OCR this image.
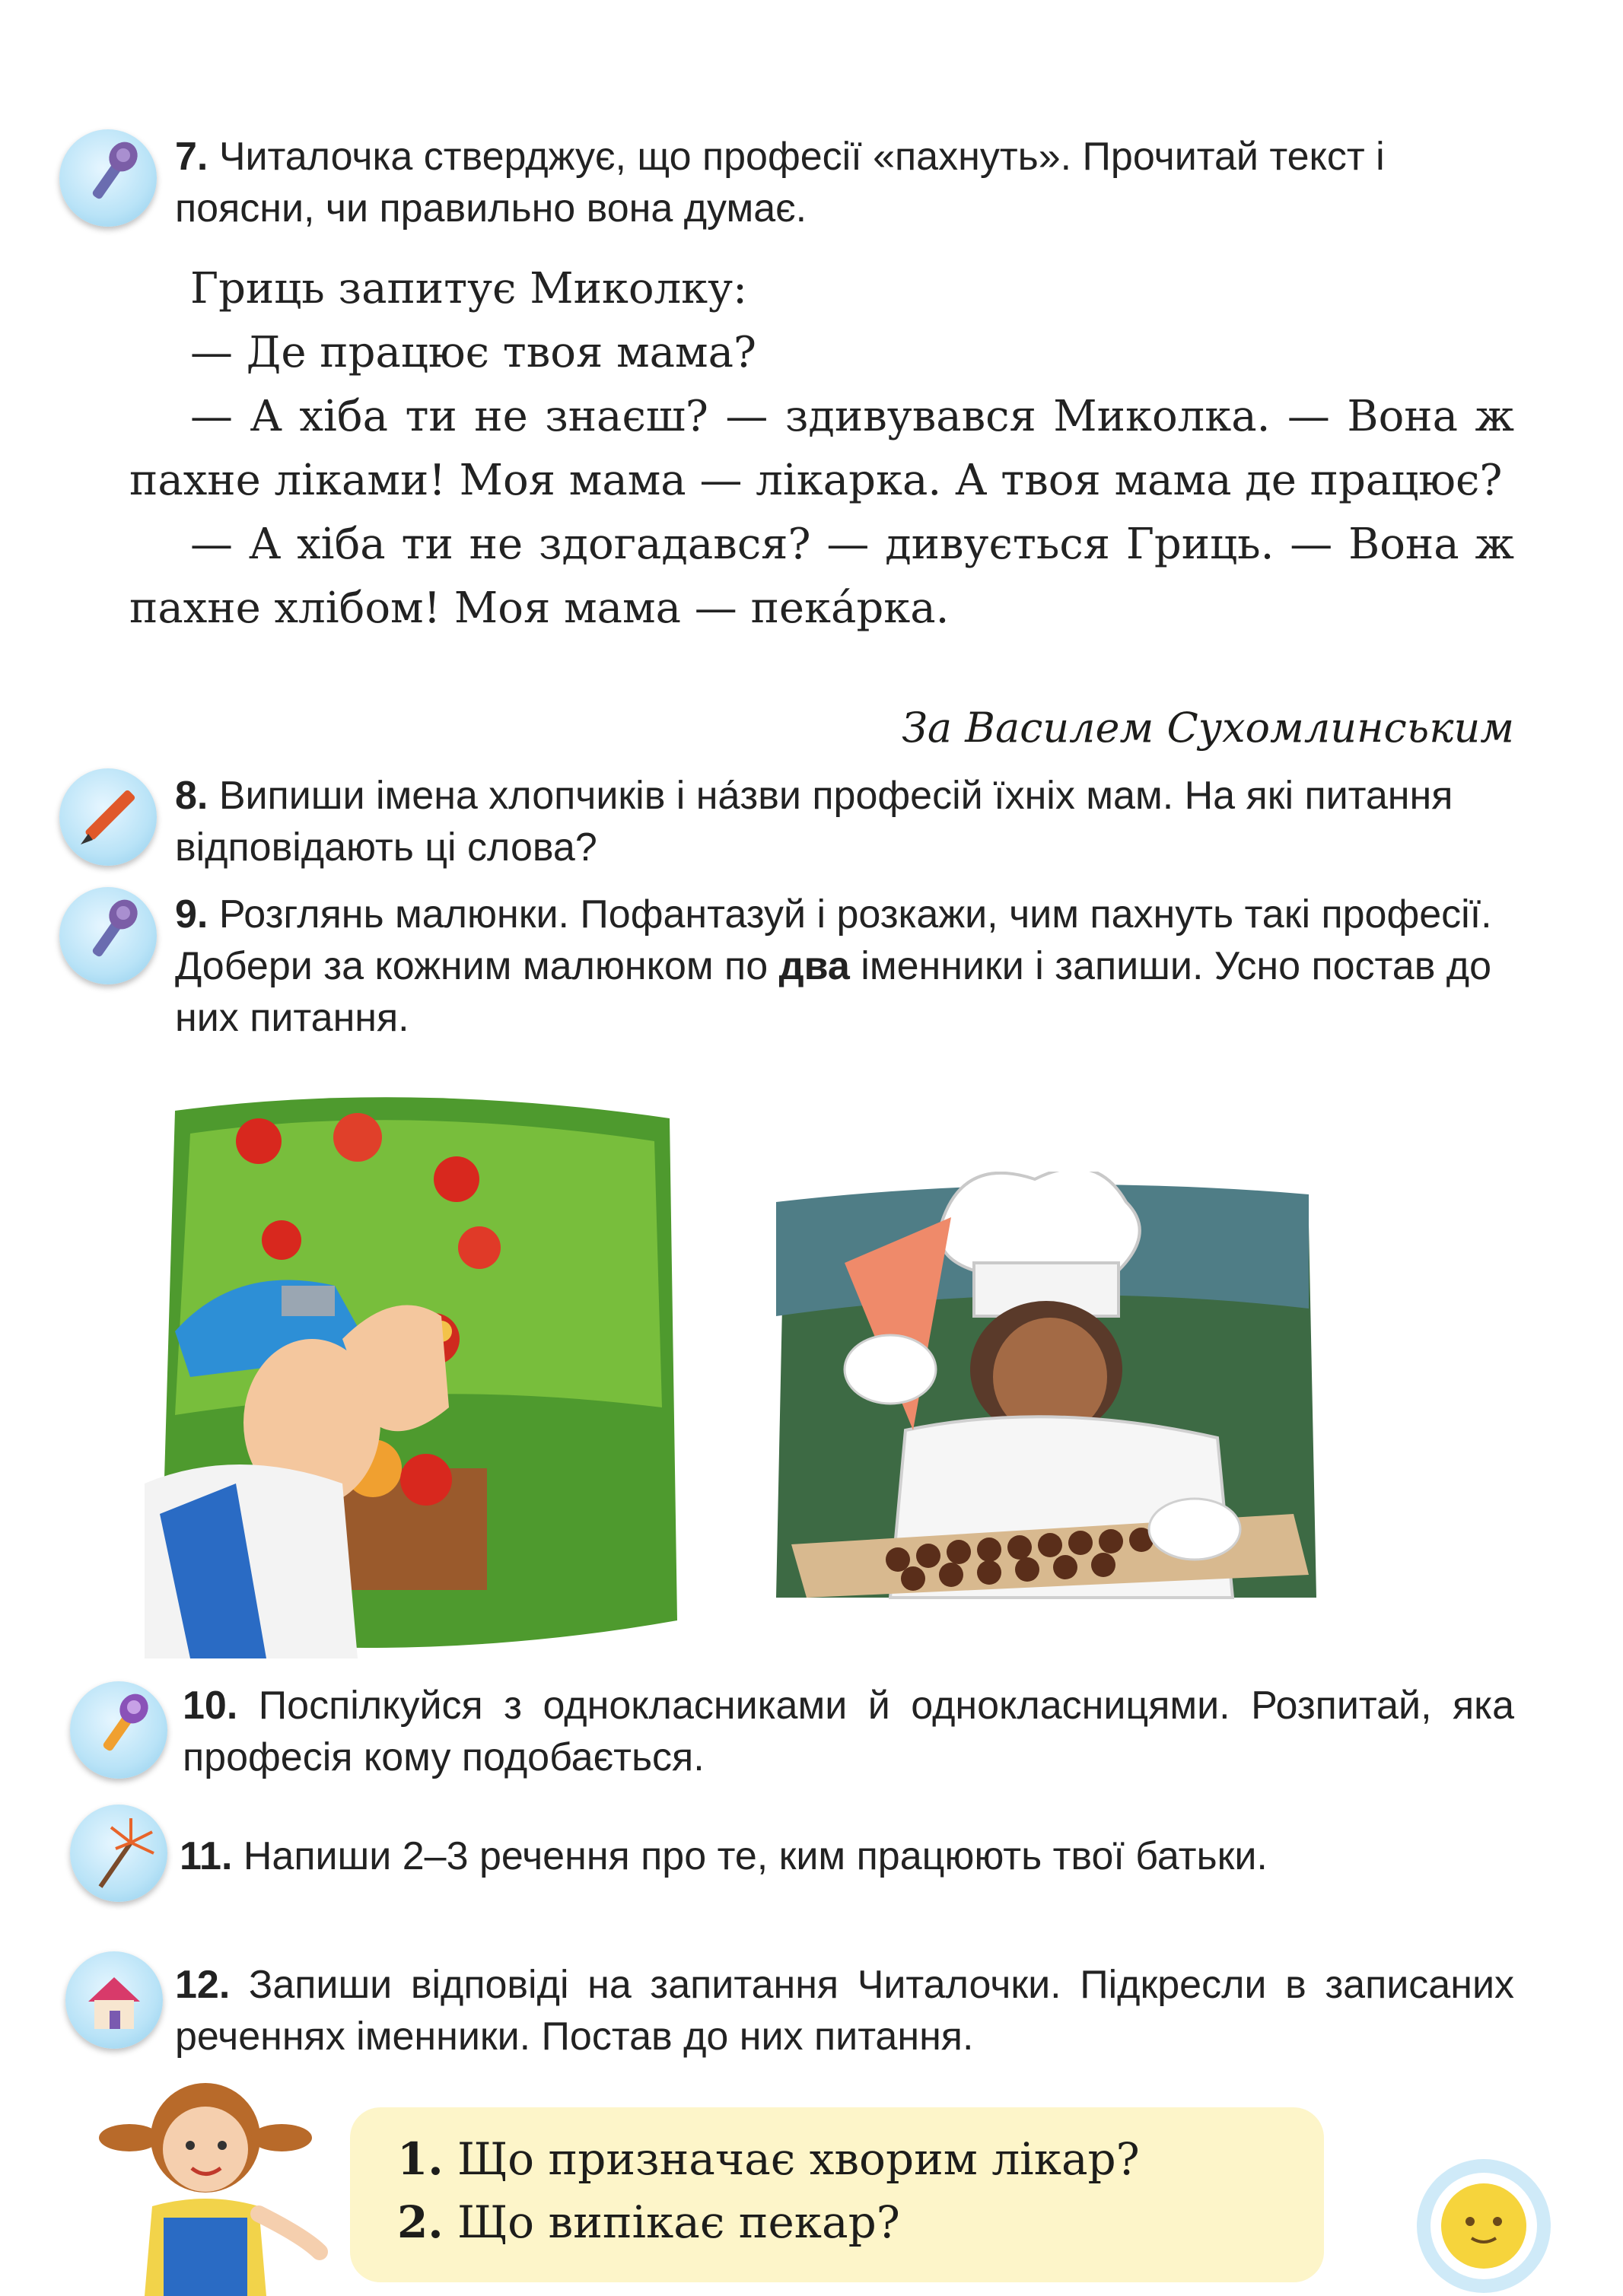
7. Читалочка стверджує, що професії «пахнуть». Прочитай текст і поясни, чи правильно вона думає.

Гриць запитує Миколку:

— Де працює твоя мама?

— А хіба ти не знаєш? — здивувався Миколка. — Вона ж пахне ліками! Моя мама — лікарка. А твоя мама де працює?

— А хіба ти не здогадався? — дивується Гриць. — Вона ж пахне хлібом! Моя мама — пека́рка.

За Василем Сухомлинським
8. Випиши імена хлопчиків і на́зви професій їхніх мам. На які питання відповідають ці слова?
9. Розглянь малюнки. Пофантазуй і розкажи, чим пахнуть такі професії. Добери за кожним малюнком по два іменники і запиши. Усно постав до них питання.
10. Поспілкуйся з однокласниками й однокласницями. Розпитай, яка професія кому подобається.
11. Напиши 2–3 речення про те, ким працюють твої батьки.
12. Запиши відповіді на запитання Читалочки. Підкресли в записаних реченнях іменники. Постав до них питання.

1. Що призначає хворим лікар?

2. Що випікає пекар?
